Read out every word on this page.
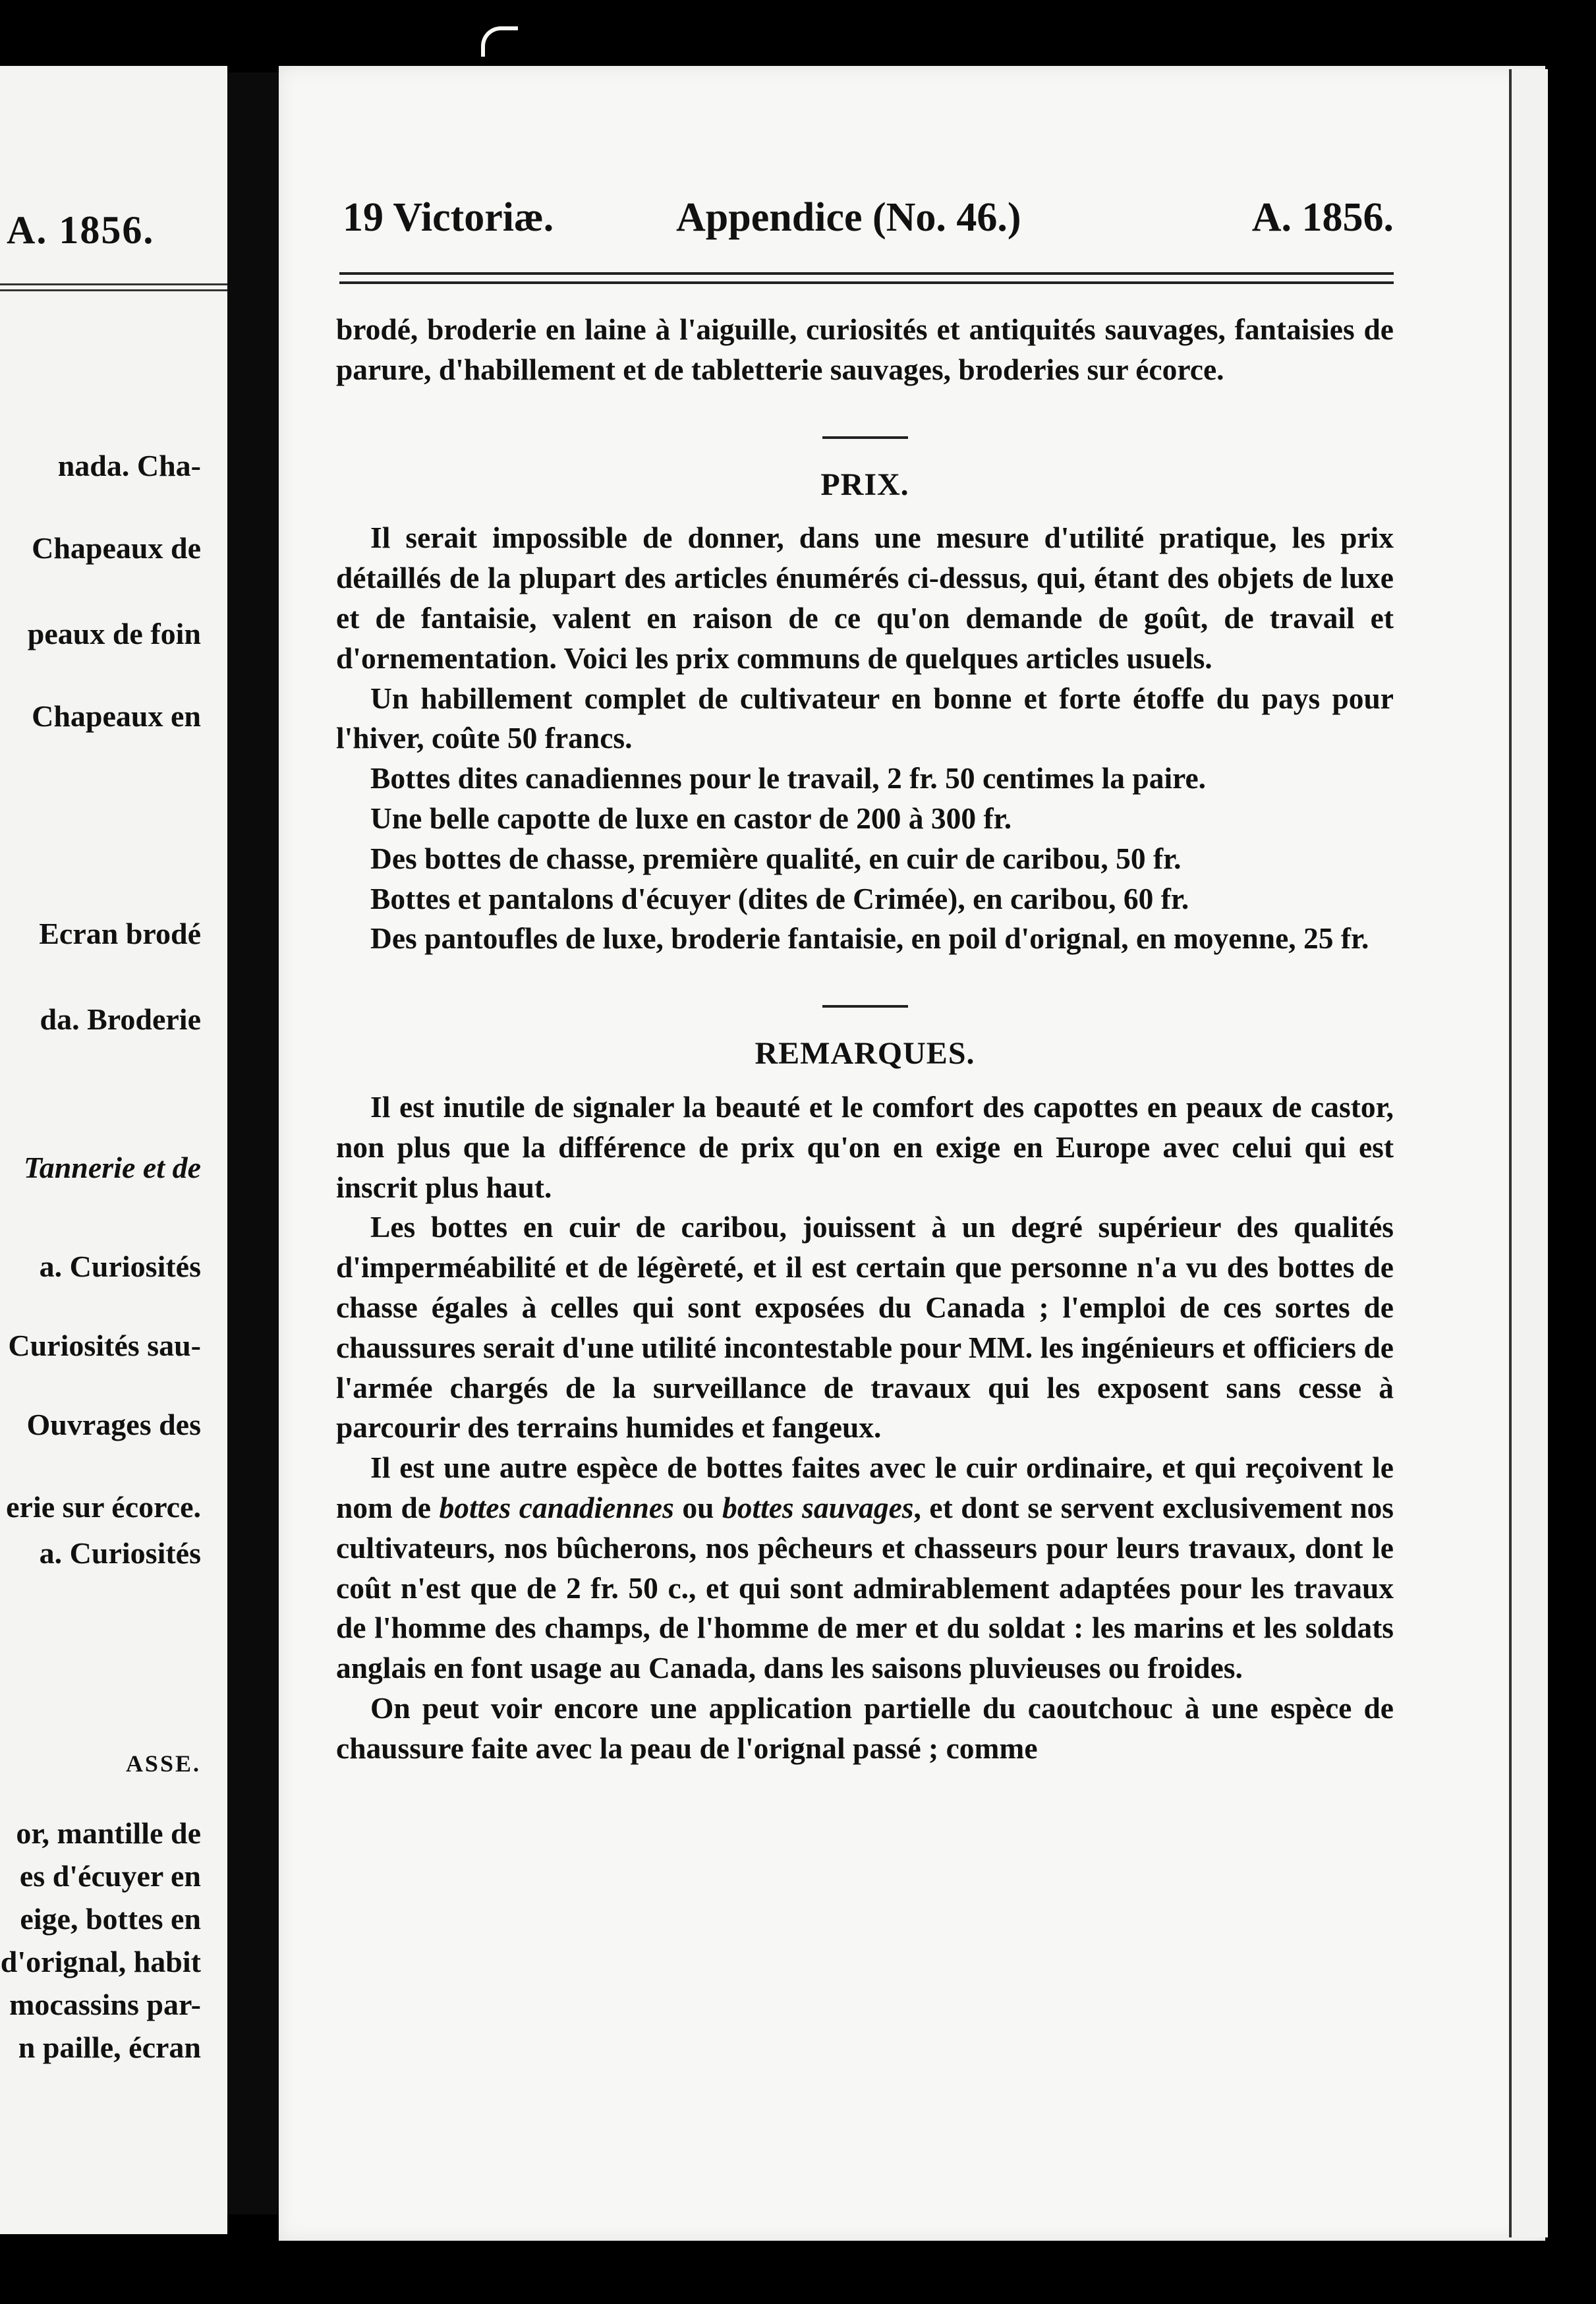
A. 1856.
nada. Cha-
Chapeaux de
peaux de foin
Chapeaux en
Ecran brodé
da. Broderie
Tannerie et de
a. Curiosités
Curiosités sau-
Ouvrages des
erie sur écorce.
a. Curiosités
ASSE.
or, mantille de
es d'écuyer en
eige, bottes en
d'orignal, habit
mocassins par-
n paille, écran
19 Victoriæ.	Appendice (No. 46.)	A. 1856.

brodé, broderie en laine à l'aiguille, curiosités et antiquités sauvages, fantaisies de parure, d'habillement et de tabletterie sauvages, broderies sur écorce.

PRIX.

Il serait impossible de donner, dans une mesure d'utilité pratique, les prix détaillés de la plupart des articles énumérés ci-dessus, qui, étant des objets de luxe et de fantaisie, valent en raison de ce qu'on demande de goût, de travail et d'ornementation. Voici les prix communs de quelques articles usuels.

Un habillement complet de cultivateur en bonne et forte étoffe du pays pour l'hiver, coûte 50 francs.

Bottes dites canadiennes pour le travail, 2 fr. 50 centimes la paire.

Une belle capotte de luxe en castor de 200 à 300 fr.

Des bottes de chasse, première qualité, en cuir de caribou, 50 fr.

Bottes et pantalons d'écuyer (dites de Crimée), en caribou, 60 fr.

Des pantoufles de luxe, broderie fantaisie, en poil d'orignal, en moyenne, 25 fr.

REMARQUES.

Il est inutile de signaler la beauté et le comfort des capottes en peaux de castor, non plus que la différence de prix qu'on en exige en Europe avec celui qui est inscrit plus haut.

Les bottes en cuir de caribou, jouissent à un degré supérieur des qualités d'imperméabilité et de légèreté, et il est certain que personne n'a vu des bottes de chasse égales à celles qui sont exposées du Canada ; l'emploi de ces sortes de chaussures serait d'une utilité incontestable pour MM. les ingénieurs et officiers de l'armée chargés de la surveillance de travaux qui les exposent sans cesse à parcourir des terrains humides et fangeux.

Il est une autre espèce de bottes faites avec le cuir ordinaire, et qui reçoivent le nom de bottes canadiennes ou bottes sauvages, et dont se servent exclusivement nos cultivateurs, nos bûcherons, nos pêcheurs et chasseurs pour leurs travaux, dont le coût n'est que de 2 fr. 50 c., et qui sont admirablement adaptées pour les travaux de l'homme des champs, de l'homme de mer et du soldat : les marins et les soldats anglais en font usage au Canada, dans les saisons pluvieuses ou froides.

On peut voir encore une application partielle du caoutchouc à une espèce de chaussure faite avec la peau de l'orignal passé ; comme
